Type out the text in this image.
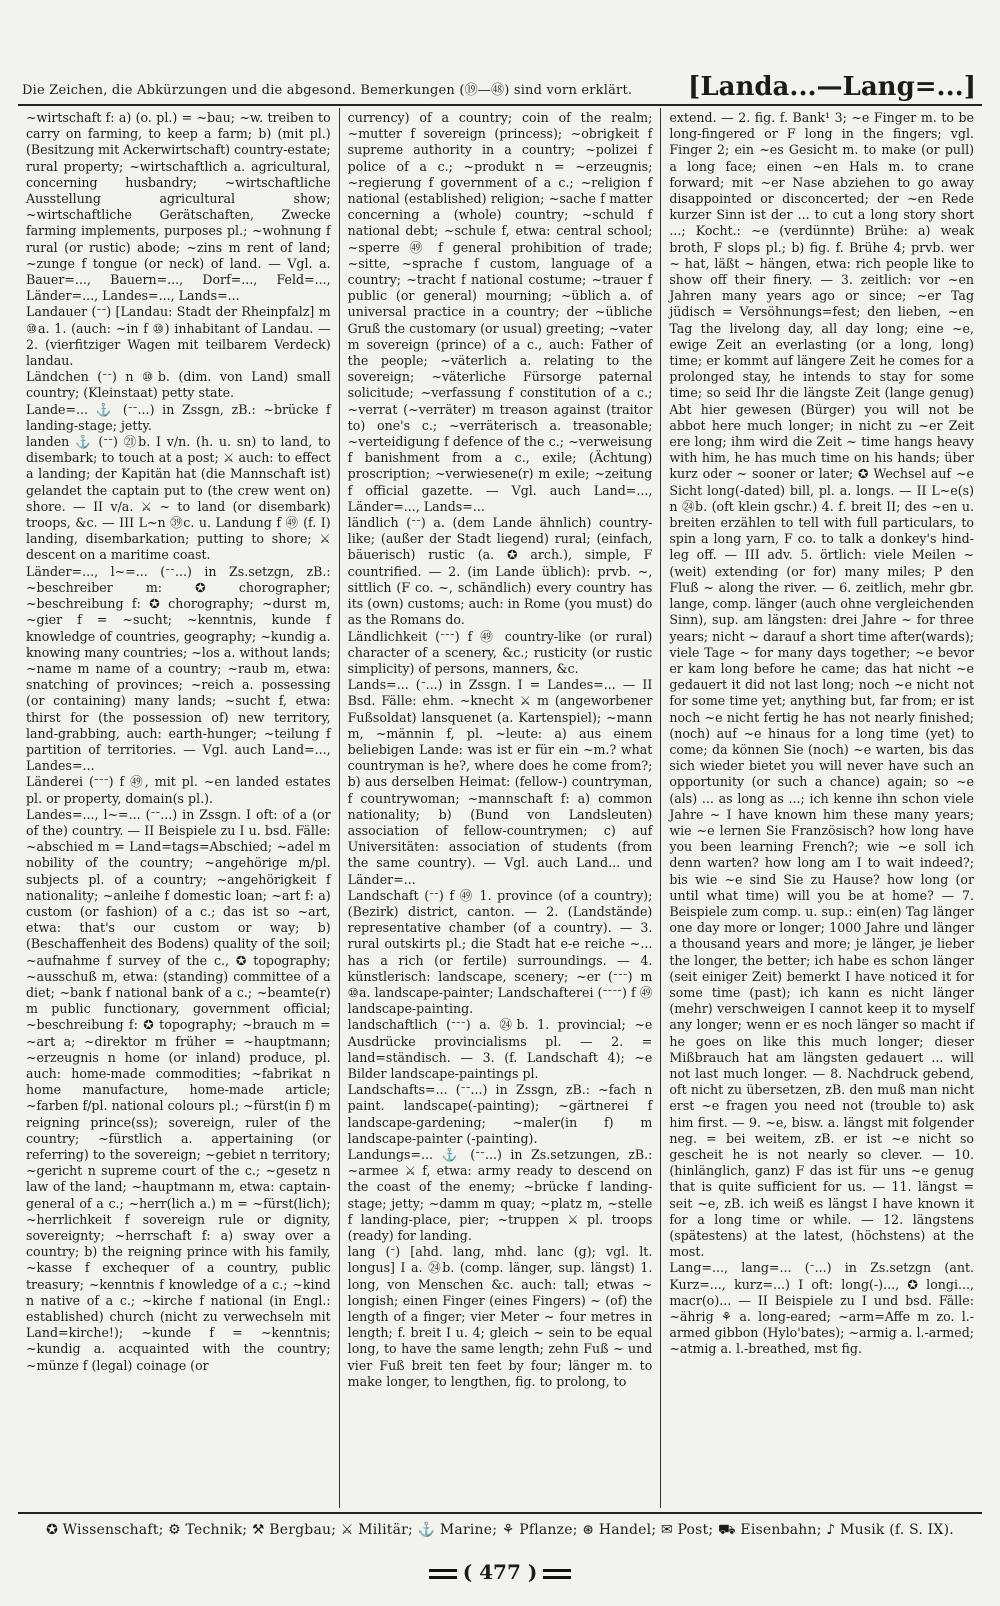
Die Zeichen, die Abkürzungen und die abgesond. Bemerkungen (⑲—㊽) sind vorn erklärt. [Landa...—Lang=...]

~wirtschaft f: a) (o. pl.) = ~bau; ~w. treiben to carry on farming, to keep a farm; b) (mit pl.) (Besitzung mit Ackerwirtschaft) country-estate; rural property; ~wirtschaftlich a. agricultural, concerning husbandry; ~wirtschaftliche Ausstellung agricultural show; ~wirtschaftliche Gerätschaften, Zwecke farming implements, purposes pl.; ~wohnung f rural (or rustic) abode; ~zins m rent of land; ~zunge f tongue (or neck) of land. — Vgl. a. Bauer=..., Bauern=..., Dorf=..., Feld=..., Länder=..., Landes=..., Lands=...

Landauer (ᐨᐨ) [Landau: Stadt der Rheinpfalz] m ⑩a. 1. (auch: ~in f ⑩) inhabitant of Landau. — 2. (vierfitziger Wagen mit teilbarem Verdeck) landau.

Ländchen (ᐨᐨ) n ⑩b. (dim. von Land) small country; (Kleinstaat) petty state.

Lande=... ⚓ (ᐨᐨ...) in Zssgn, zB.: ~brücke f landing-stage; jetty.

landen ⚓ (ᐨᐨ) ㉑b. I v/n. (h. u. sn) to land, to disembark; to touch at a post; ⚔ auch: to effect a landing; der Kapitän hat (die Mannschaft ist) gelandet the captain put to (the crew went on) shore. — II v/a. ⚔ ~ to land (or disembark) troops, &c. — III L~n ㊴c. u. Landung f ㊾ (f. I) landing, disembarkation; putting to shore; ⚔ descent on a maritime coast.

Länder=..., l~=... (ᐨᐨ...) in Zs.setzgn, zB.: ~beschreiber m: ✪ chorographer; ~beschreibung f: ✪ chorography; ~durst m, ~gier f = ~sucht; ~kenntnis, kunde f knowledge of countries, geography; ~kundig a. knowing many countries; ~los a. without lands; ~name m name of a country; ~raub m, etwa: snatching of provinces; ~reich a. possessing (or containing) many lands; ~sucht f, etwa: thirst for (the possession of) new territory, land-grabbing, auch: earth-hunger; ~teilung f partition of territories. — Vgl. auch Land=..., Landes=...

Länderei (ᐨᐨᐨ) f ㊾, mit pl. ~en landed estates pl. or property, domain(s pl.).

Landes=..., l~=... (ᐨᐨ...) in Zssgn. I oft: of a (or of the) country. — II Beispiele zu I u. bsd. Fälle: ~abschied m = Land=tags=Abschied; ~adel m nobility of the country; ~angehörige m/pl. subjects pl. of a country; ~angehörigkeit f nationality; ~anleihe f domestic loan; ~art f: a) custom (or fashion) of a c.; das ist so ~art, etwa: that's our custom or way; b) (Beschaffenheit des Bodens) quality of the soil; ~aufnahme f survey of the c., ✪ topography; ~ausschuß m, etwa: (standing) committee of a diet; ~bank f national bank of a c.; ~beamte(r) m public functionary, government official; ~beschreibung f: ✪ topography; ~brauch m = ~art a; ~direktor m früher = ~hauptmann; ~erzeugnis n home (or inland) produce, pl. auch: home-made commodities; ~fabrikat n home manufacture, home-made article; ~farben f/pl. national colours pl.; ~fürst(in f) m reigning prince(ss); sovereign, ruler of the country; ~fürstlich a. appertaining (or referring) to the sovereign; ~gebiet n territory; ~gericht n supreme court of the c.; ~gesetz n law of the land; ~hauptmann m, etwa: captain-general of a c.; ~herr(lich a.) m = ~fürst(lich); ~herrlichkeit f sovereign rule or dignity, sovereignty; ~herrschaft f: a) sway over a country; b) the reigning prince with his family, ~kasse f exchequer of a country, public treasury; ~kenntnis f knowledge of a c.; ~kind n native of a c.; ~kirche f national (in Engl.: established) church (nicht zu verwechseln mit Land=kirche!); ~kunde f = ~kenntnis; ~kundig a. acquainted with the country; ~münze f (legal) coinage (or

currency) of a country; coin of the realm; ~mutter f sovereign (princess); ~obrigkeit f supreme authority in a country; ~polizei f police of a c.; ~produkt n = ~erzeugnis; ~regierung f government of a c.; ~religion f national (established) religion; ~sache f matter concerning a (whole) country; ~schuld f national debt; ~schule f, etwa: central school; ~sperre ㊾ f general prohibition of trade; ~sitte, ~sprache f custom, language of a country; ~tracht f national costume; ~trauer f public (or general) mourning; ~üblich a. of universal practice in a country; der ~übliche Gruß the customary (or usual) greeting; ~vater m sovereign (prince) of a c., auch: Father of the people; ~väterlich a. relating to the sovereign; ~väterliche Fürsorge paternal solicitude; ~verfassung f constitution of a c.; ~verrat (~verräter) m treason against (traitor to) one's c.; ~verräterisch a. treasonable; ~verteidigung f defence of the c.; ~verweisung f banishment from a c., exile; (Ächtung) proscription; ~verwiesene(r) m exile; ~zeitung f official gazette. — Vgl. auch Land=..., Länder=..., Lands=...

ländlich (ᐨᐨ) a. (dem Lande ähnlich) country-like; (außer der Stadt liegend) rural; (einfach, bäuerisch) rustic (a. ✪ arch.), simple, F countrified. — 2. (im Lande üblich): prvb. ~, sittlich (F co. ~, schändlich) every country has its (own) customs; auch: in Rome (you must) do as the Romans do.

Ländlichkeit (ᐨᐨᐨ) f ㊾ country-like (or rural) character of a scenery, &c.; rusticity (or rustic simplicity) of persons, manners, &c.

Lands=... (ᐨ...) in Zssgn. I = Landes=... — II Bsd. Fälle: ehm. ~knecht ⚔ m (angeworbener Fußsoldat) lansquenet (a. Kartenspiel); ~mann m, ~männin f, pl. ~leute: a) aus einem beliebigen Lande: was ist er für ein ~m.? what countryman is he?, where does he come from?; b) aus derselben Heimat: (fellow-) countryman, f countrywoman; ~mannschaft f: a) common nationality; b) (Bund von Landsleuten) association of fellow-countrymen; c) auf Universitäten: association of students (from the same country). — Vgl. auch Land... und Länder=...

Landschaft (ᐨᐨ) f ㊾ 1. province (of a country); (Bezirk) district, canton. — 2. (Landstände) representative chamber (of a country). — 3. rural outskirts pl.; die Stadt hat e-e reiche ~... has a rich (or fertile) surroundings. — 4. künstlerisch: landscape, scenery; ~er (ᐨᐨᐨ) m ⑩a. landscape-painter; Landschafterei (ᐨᐨᐨᐨ) f ㊾ landscape-painting.

landschaftlich (ᐨᐨᐨ) a. ㉔b. 1. provincial; ~e Ausdrücke provincialisms pl. — 2. = land=ständisch. — 3. (f. Landschaft 4); ~e Bilder landscape-paintings pl.

Landschafts=... (ᐨᐨ...) in Zssgn, zB.: ~fach n paint. landscape(-painting); ~gärtnerei f landscape-gardening; ~maler(in f) m landscape-painter (-painting).

Landungs=... ⚓ (ᐨᐨ...) in Zs.setzungen, zB.: ~armee ⚔ f, etwa: army ready to descend on the coast of the enemy; ~brücke f landing-stage; jetty; ~damm m quay; ~platz m, ~stelle f landing-place, pier; ~truppen ⚔ pl. troops (ready) for landing.

lang (ᐨ) [ahd. lang, mhd. lanc (g); vgl. lt. longus] I a. ㉔b. (comp. länger, sup. längst) 1. long, von Menschen &c. auch: tall; etwas ~ longish; einen Finger (eines Fingers) ~ (of) the length of a finger; vier Meter ~ four metres in length; f. breit I u. 4; gleich ~ sein to be equal long, to have the same length; zehn Fuß ~ und vier Fuß breit ten feet by four; länger m. to make longer, to lengthen, fig. to prolong, to

extend. — 2. fig. f. Bank¹ 3; ~e Finger m. to be long-fingered or F long in the fingers; vgl. Finger 2; ein ~es Gesicht m. to make (or pull) a long face; einen ~en Hals m. to crane forward; mit ~er Nase abziehen to go away disappointed or disconcerted; der ~en Rede kurzer Sinn ist der ... to cut a long story short ...; Kocht.: ~e (verdünnte) Brühe: a) weak broth, F slops pl.; b) fig. f. Brühe 4; prvb. wer ~ hat, läßt ~ hängen, etwa: rich people like to show off their finery. — 3. zeitlich: vor ~en Jahren many years ago or since; ~er Tag jüdisch = Versöhnungs=fest; den lieben, ~en Tag the livelong day, all day long; eine ~e, ewige Zeit an everlasting (or a long, long) time; er kommt auf längere Zeit he comes for a prolonged stay, he intends to stay for some time; so seid Ihr die längste Zeit (lange genug) Abt hier gewesen (Bürger) you will not be abbot here much longer; in nicht zu ~er Zeit ere long; ihm wird die Zeit ~ time hangs heavy with him, he has much time on his hands; über kurz oder ~ sooner or later; ✪ Wechsel auf ~e Sicht long(-dated) bill, pl. a. longs. — II L~e(s) n ㉔b. (oft klein gschr.) 4. f. breit II; des ~en u. breiten erzählen to tell with full particulars, to spin a long yarn, F co. to talk a donkey's hind-leg off. — III adv. 5. örtlich: viele Meilen ~ (weit) extending (or for) many miles; P den Fluß ~ along the river. — 6. zeitlich, mehr gbr. lange, comp. länger (auch ohne vergleichenden Sinn), sup. am längsten: drei Jahre ~ for three years; nicht ~ darauf a short time after(wards); viele Tage ~ for many days together; ~e bevor er kam long before he came; das hat nicht ~e gedauert it did not last long; noch ~e nicht not for some time yet; anything but, far from; er ist noch ~e nicht fertig he has not nearly finished; (noch) auf ~e hinaus for a long time (yet) to come; da können Sie (noch) ~e warten, bis das sich wieder bietet you will never have such an opportunity (or such a chance) again; so ~e (als) ... as long as ...; ich kenne ihn schon viele Jahre ~ I have known him these many years; wie ~e lernen Sie Französisch? how long have you been learning French?; wie ~e soll ich denn warten? how long am I to wait indeed?; bis wie ~e sind Sie zu Hause? how long (or until what time) will you be at home? — 7. Beispiele zum comp. u. sup.: ein(en) Tag länger one day more or longer; 1000 Jahre und länger a thousand years and more; je länger, je lieber the longer, the better; ich habe es schon länger (seit einiger Zeit) bemerkt I have noticed it for some time (past); ich kann es nicht länger (mehr) verschweigen I cannot keep it to myself any longer; wenn er es noch länger so macht if he goes on like this much longer; dieser Mißbrauch hat am längsten gedauert ... will not last much longer. — 8. Nachdruck gebend, oft nicht zu übersetzen, zB. den muß man nicht erst ~e fragen you need not (trouble to) ask him first. — 9. ~e, bisw. a. längst mit folgender neg. = bei weitem, zB. er ist ~e nicht so gescheit he is not nearly so clever. — 10. (hinlänglich, ganz) F das ist für uns ~e genug that is quite sufficient for us. — 11. längst = seit ~e, zB. ich weiß es längst I have known it for a long time or while. — 12. längstens (spätestens) at the latest, (höchstens) at the most.

Lang=..., lang=... (ᐨ...) in Zs.setzgn (ant. Kurz=..., kurz=...) I oft: long(-)..., ✪ longi..., macr(o)... — II Beispiele zu I und bsd. Fälle: ~ährig ⚘ a. long-eared; ~arm=Affe m zo. l.-armed gibbon (Hylo'bates); ~armig a. l.-armed; ~atmig a. l.-breathed, mst fig.

✪ Wissenschaft; ⚙ Technik; ⚒ Bergbau; ⚔ Militär; ⚓ Marine; ⚘ Pflanze; ⊛ Handel; ✉ Post; ⛟ Eisenbahn; ♪ Musik (f. S. IX).
( 477 )
